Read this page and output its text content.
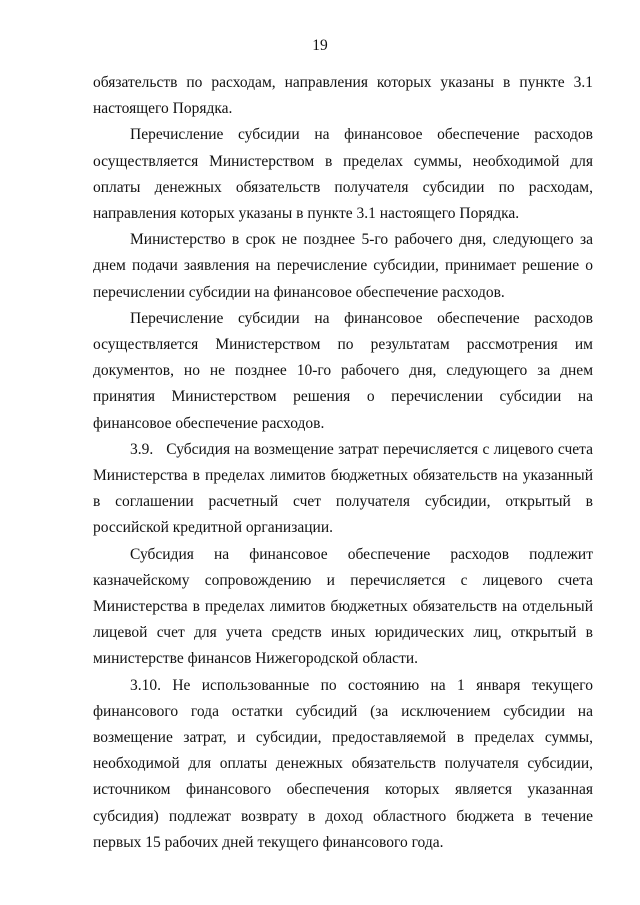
19

обязательств по расходам, направления которых указаны в пункте 3.1 настоящего Порядка.

Перечисление субсидии на финансовое обеспечение расходов осуществляется Министерством в пределах суммы, необходимой для оплаты денежных обязательств получателя субсидии по расходам, направления которых указаны в пункте 3.1 настоящего Порядка.

Министерство в срок не позднее 5-го рабочего дня, следующего за днем подачи заявления на перечисление субсидии, принимает решение о перечислении субсидии на финансовое обеспечение расходов.

Перечисление субсидии на финансовое обеспечение расходов осуществляется Министерством по результатам рассмотрения им документов, но не позднее 10-го рабочего дня, следующего за днем принятия Министерством решения о перечислении субсидии на финансовое обеспечение расходов.

3.9.   Субсидия на возмещение затрат перечисляется с лицевого счета Министерства в пределах лимитов бюджетных обязательств на указанный в соглашении расчетный счет получателя субсидии, открытый в российской кредитной организации.

Субсидия на финансовое обеспечение расходов подлежит казначейскому сопровождению и перечисляется с лицевого счета Министерства в пределах лимитов бюджетных обязательств на отдельный лицевой счет для учета средств иных юридических лиц, открытый в министерстве финансов Нижегородской области.

3.10. Не использованные по состоянию на 1 января текущего финансового года остатки субсидий (за исключением субсидии на возмещение затрат, и субсидии, предоставляемой в пределах суммы, необходимой для оплаты денежных обязательств получателя субсидии, источником финансового обеспечения которых является указанная субсидия) подлежат возврату в доход областного бюджета в течение первых 15 рабочих дней текущего финансового года.
